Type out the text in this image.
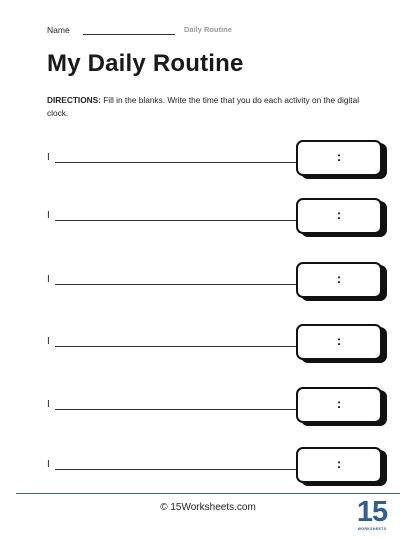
Name	Daily Routine
My Daily Routine
DIRECTIONS: Fill in the blanks. Write the time that you do each activity on the digital clock.
I	:
I	:
I	:
I	:
I	:
I	:
© 15Worksheets.com	15
WORKSHEETS
